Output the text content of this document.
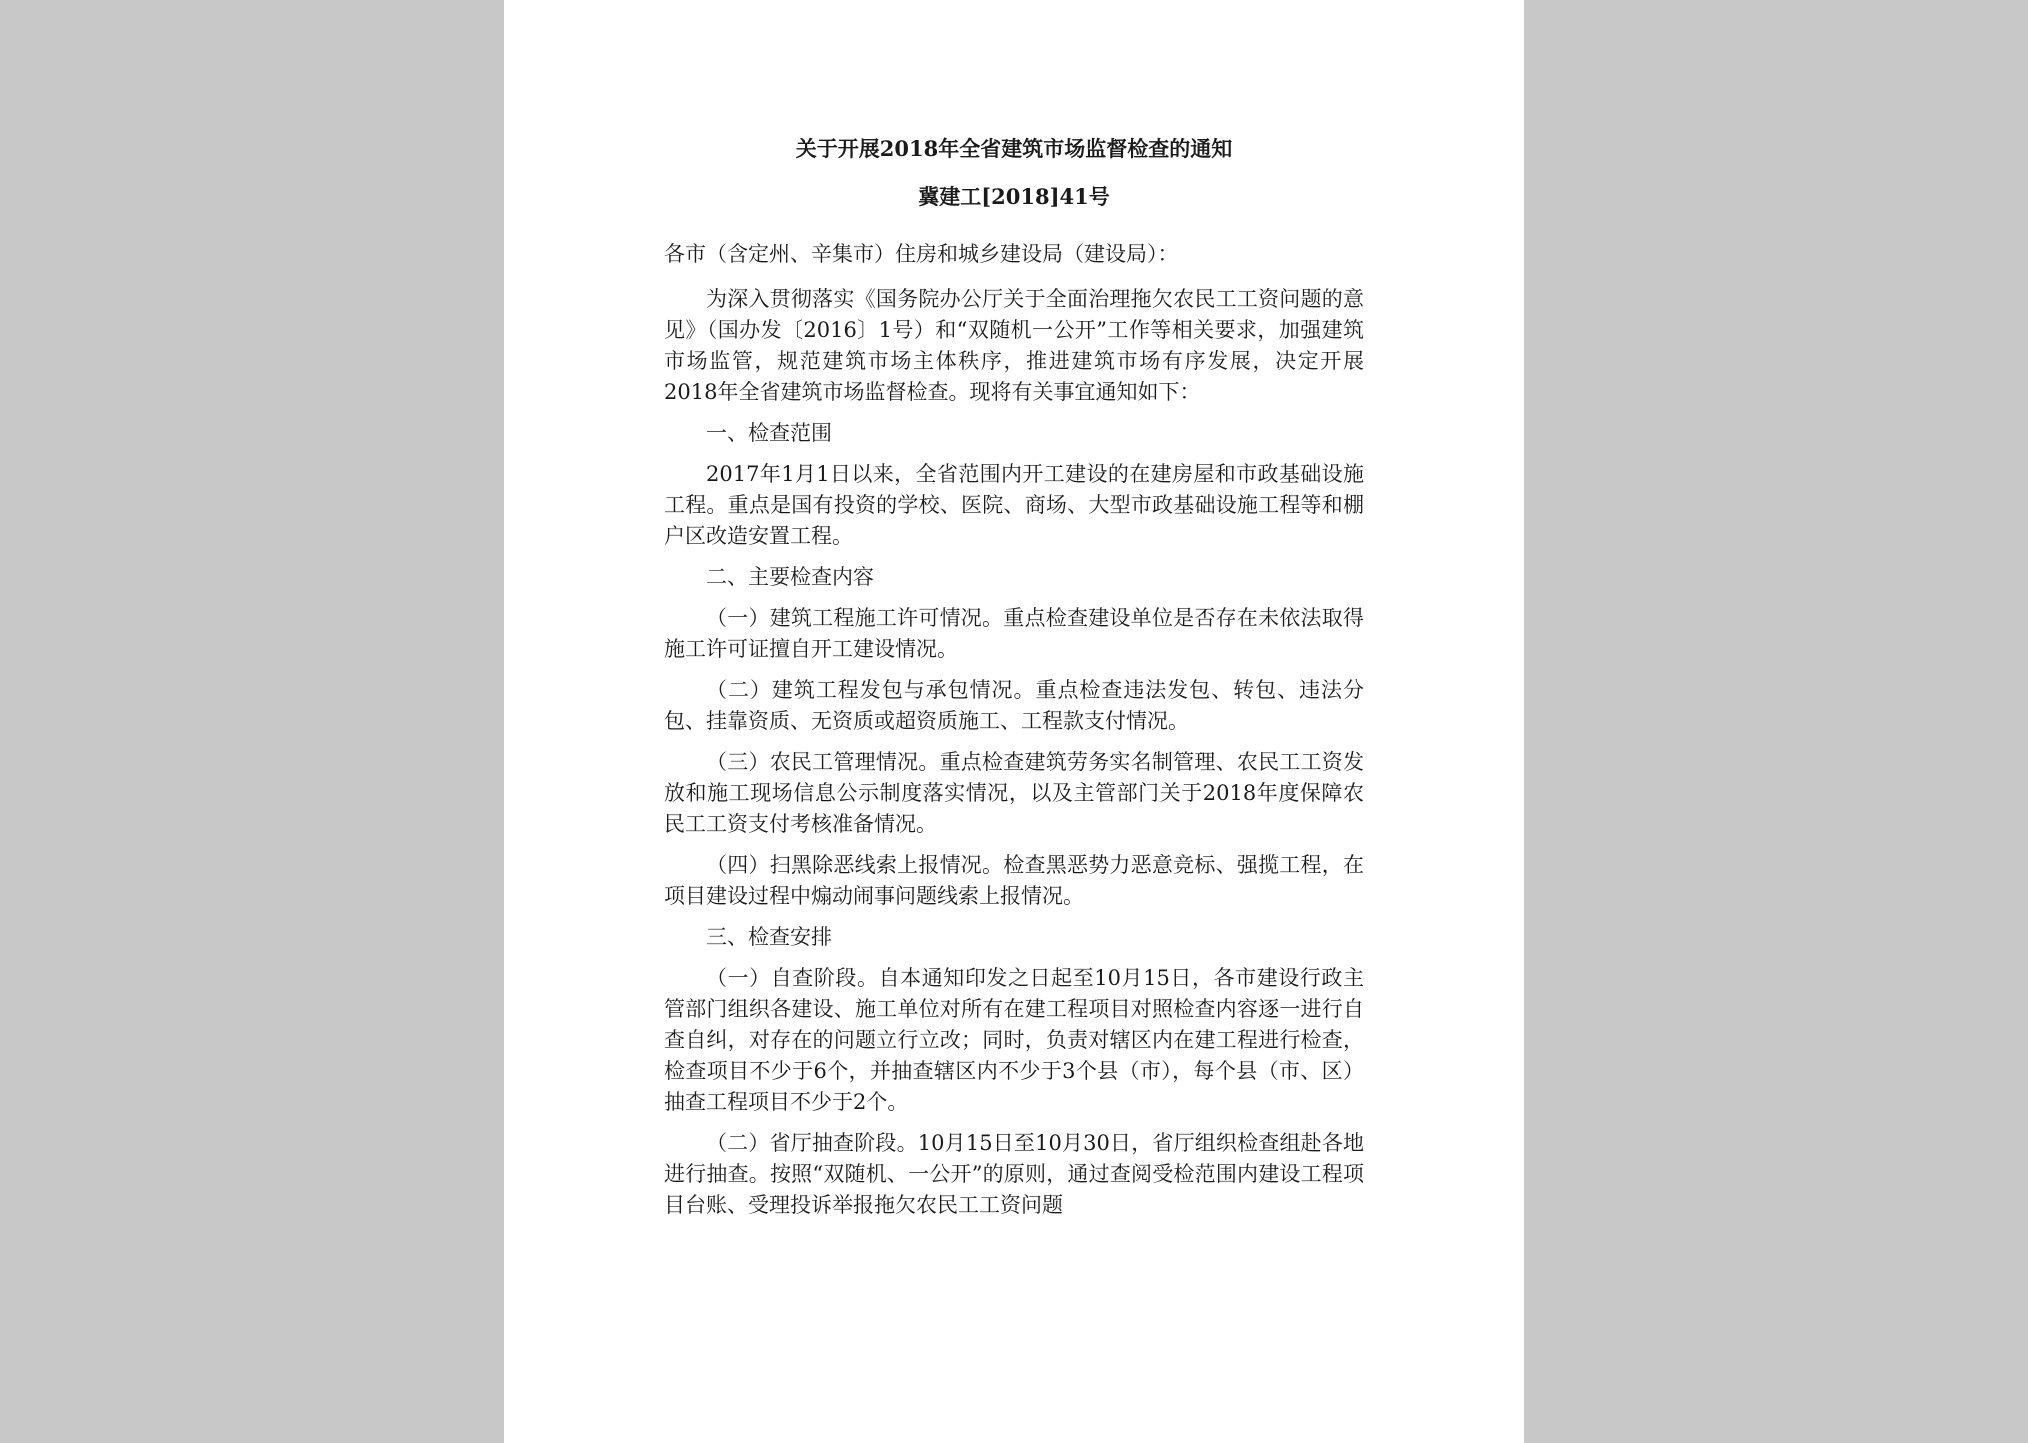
关于开展2018年全省建筑市场监督检查的通知

冀建工[2018]41号

各市（含定州、辛集市）住房和城乡建设局（建设局）：

为深入贯彻落实《国务院办公厅关于全面治理拖欠农民工工资问题的意见》（国办发〔2016〕1号）和“双随机一公开”工作等相关要求，加强建筑市场监管，规范建筑市场主体秩序，推进建筑市场有序发展，决定开展2018年全省建筑市场监督检查。现将有关事宜通知如下：

一、检查范围

2017年1月1日以来，全省范围内开工建设的在建房屋和市政基础设施工程。重点是国有投资的学校、医院、商场、大型市政基础设施工程等和棚户区改造安置工程。

二、主要检查内容

（一）建筑工程施工许可情况。重点检查建设单位是否存在未依法取得施工许可证擅自开工建设情况。

（二）建筑工程发包与承包情况。重点检查违法发包、转包、违法分包、挂靠资质、无资质或超资质施工、工程款支付情况。

（三）农民工管理情况。重点检查建筑劳务实名制管理、农民工工资发放和施工现场信息公示制度落实情况，以及主管部门关于2018年度保障农民工工资支付考核准备情况。

（四）扫黑除恶线索上报情况。检查黑恶势力恶意竞标、强揽工程，在项目建设过程中煽动闹事问题线索上报情况。

三、检查安排

（一）自查阶段。自本通知印发之日起至10月15日，各市建设行政主管部门组织各建设、施工单位对所有在建工程项目对照检查内容逐一进行自查自纠，对存在的问题立行立改；同时，负责对辖区内在建工程进行检查，检查项目不少于6个，并抽查辖区内不少于3个县（市），每个县（市、区）抽查工程项目不少于2个。

（二）省厅抽查阶段。10月15日至10月30日，省厅组织检查组赴各地进行抽查。按照“双随机、一公开”的原则，通过查阅受检范围内建设工程项目台账、受理投诉举报拖欠农民工工资问题
